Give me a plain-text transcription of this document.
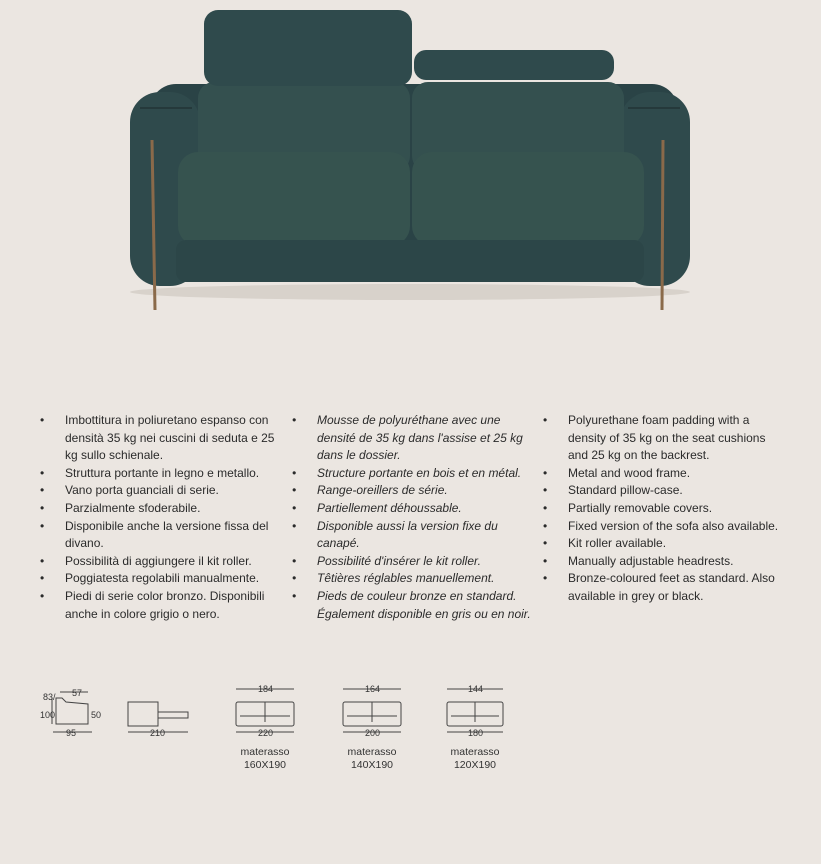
• Imbottitura in poliuretano espanso con densità 35 kg nei cuscini di seduta e 25 kg sullo schienale.
• Struttura portante in legno e metallo.
• Vano porta guanciali di serie.
• Parzialmente sfoderabile.
• Disponibile anche la versione fissa del divano.
• Possibilità di aggiungere il kit roller.
• Poggiatesta regolabili manualmente.
• Piedi di serie color bronzo. Disponibili anche in colore grigio o nero.
• Mousse de polyuréthane avec une densité de 35 kg dans l'assise et 25 kg dans le dossier.
• Structure portante en bois et en métal.
• Range-oreillers de série.
• Partiellement déhoussable.
• Disponible aussi la version fixe du canapé.
• Possibilité d'insérer le kit roller.
• Têtières réglables manuellement.
• Pieds de couleur bronze en standard. Également disponible en gris ou en noir.
• Polyurethane foam padding with a density of 35 kg on the seat cushions and 25 kg on the backrest.
• Metal and wood frame.
• Standard pillow-case.
• Partially removable covers.
• Fixed version of the sofa also available.
• Kit roller available.
• Manually adjustable headrests.
• Bronze-coloured feet as standard. Also available in grey or black.
83/
100
57
50
95	210
184
220
164
200
144
180
materasso
160X190
materasso
140X190
materasso
120X190
